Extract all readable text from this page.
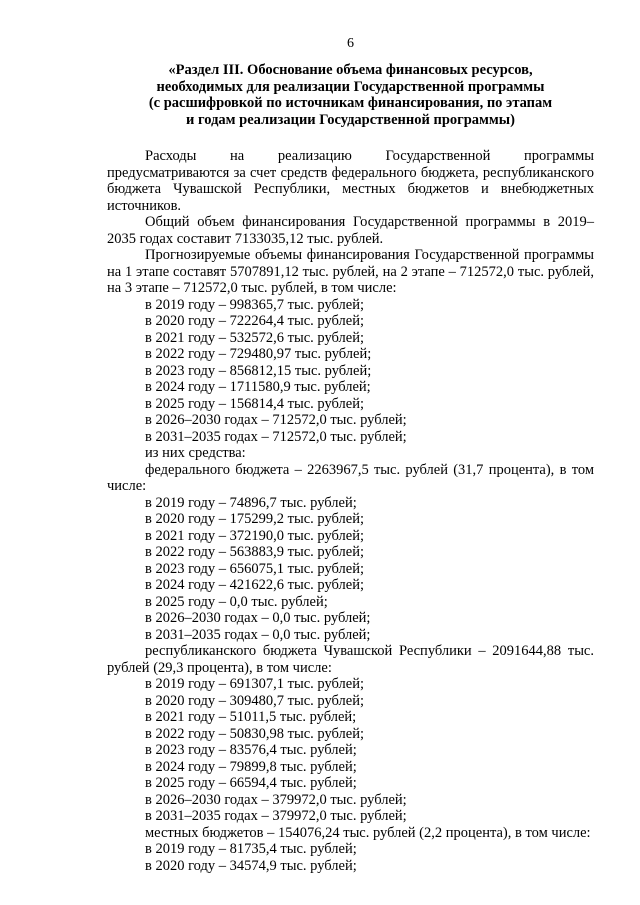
6
«Раздел III. Обоснование объема финансовых ресурсов,
необходимых для реализации Государственной программы
(с расшифровкой по источникам финансирования, по этапам
и годам реализации Государственной программы)

Расходы на реализацию Государственной программы предусматриваются за счет средств федерального бюджета, республиканского бюджета Чувашской Республики, местных бюджетов и внебюджетных источников.

Общий объем финансирования Государственной программы в 2019–2035 годах составит 7133035,12 тыс. рублей.

Прогнозируемые объемы финансирования Государственной программы на 1 этапе составят 5707891,12 тыс. рублей, на 2 этапе – 712572,0 тыс. рублей, на 3 этапе – 712572,0 тыс. рублей, в том числе:

в 2019 году – 998365,7 тыс. рублей;
в 2020 году – 722264,4 тыс. рублей;
в 2021 году – 532572,6 тыс. рублей;
в 2022 году – 729480,97 тыс. рублей;
в 2023 году – 856812,15 тыс. рублей;
в 2024 году – 1711580,9 тыс. рублей;
в 2025 году – 156814,4 тыс. рублей;
в 2026–2030 годах – 712572,0 тыс. рублей;
в 2031–2035 годах – 712572,0 тыс. рублей;
из них средства:

федерального бюджета – 2263967,5 тыс. рублей (31,7 процента), в том числе:

в 2019 году – 74896,7 тыс. рублей;
в 2020 году – 175299,2 тыс. рублей;
в 2021 году – 372190,0 тыс. рублей;
в 2022 году – 563883,9 тыс. рублей;
в 2023 году – 656075,1 тыс. рублей;
в 2024 году – 421622,6 тыс. рублей;
в 2025 году – 0,0 тыс. рублей;
в 2026–2030 годах – 0,0 тыс. рублей;
в 2031–2035 годах – 0,0 тыс. рублей;

республиканского бюджета Чувашской Республики – 2091644,88 тыс. рублей (29,3 процента), в том числе:

в 2019 году – 691307,1 тыс. рублей;
в 2020 году – 309480,7 тыс. рублей;
в 2021 году – 51011,5 тыс. рублей;
в 2022 году – 50830,98 тыс. рублей;
в 2023 году – 83576,4 тыс. рублей;
в 2024 году – 79899,8 тыс. рублей;
в 2025 году – 66594,4 тыс. рублей;
в 2026–2030 годах – 379972,0 тыс. рублей;
в 2031–2035 годах – 379972,0 тыс. рублей;
местных бюджетов – 154076,24 тыс. рублей (2,2 процента), в том числе:
в 2019 году – 81735,4 тыс. рублей;
в 2020 году – 34574,9 тыс. рублей;
